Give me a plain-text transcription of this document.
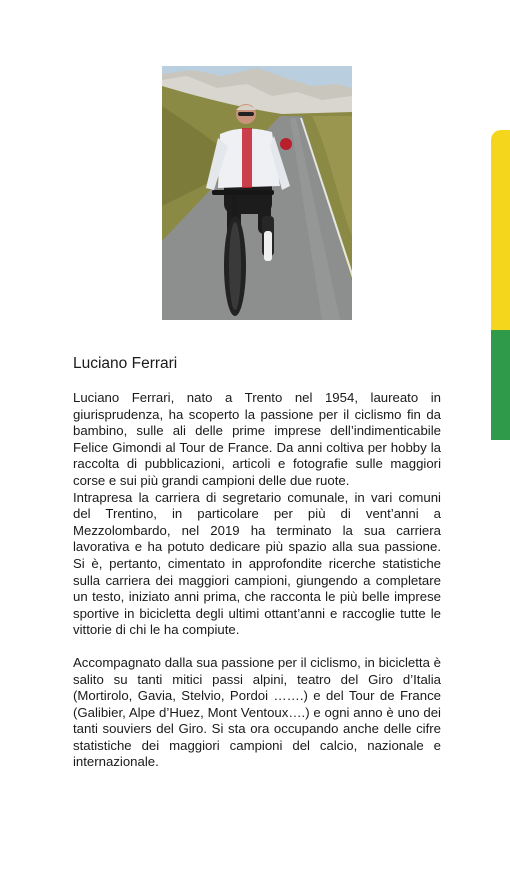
Luciano Ferrari

Luciano Ferrari, nato a Trento nel 1954, laureato in giurisprudenza, ha scoperto la passione per il ciclismo fin da bambino, sulle ali delle prime imprese dell’indimenticabile Felice Gimondi al Tour de France. Da anni coltiva per hobby la raccolta di pubblicazioni, articoli e fotografie sulle maggiori corse e sui più grandi campioni delle due ruote.

Intrapresa la carriera di segretario comunale, in vari comuni del Trentino, in particolare per più di vent’anni a Mezzolombardo, nel 2019 ha terminato la sua carriera lavorativa e ha potuto dedicare più spazio alla sua passione. Si è, pertanto, cimentato in approfondite ricerche statistiche sulla carriera dei maggiori campioni, giungendo a completare un testo, iniziato anni prima, che racconta le più belle imprese sportive in bicicletta degli ultimi ottant’anni e raccoglie tutte le vittorie di chi le ha compiute.

Accompagnato dalla sua passione per il ciclismo, in bicicletta è salito su tanti mitici passi alpini, teatro del Giro d’Italia (Mortirolo, Gavia, Stelvio, Pordoi …….) e del Tour de France (Galibier, Alpe d’Huez, Mont Ventoux….) e ogni anno è uno dei tanti souviers del Giro. Si sta ora occupando anche delle cifre statistiche dei maggiori campioni del calcio, nazionale e internazionale.
